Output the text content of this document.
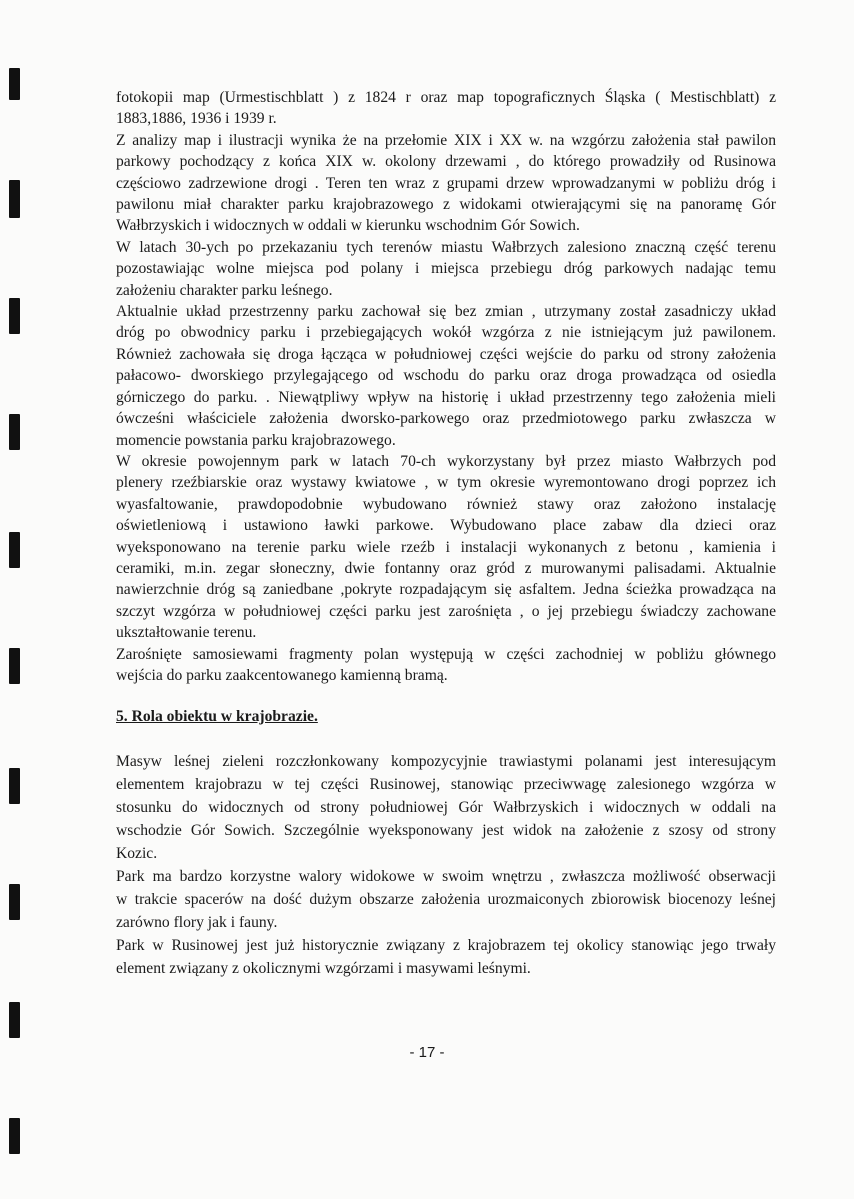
fotokopii map (Urmestischblatt ) z 1824 r oraz map topograficznych Śląska ( Mestischblatt) z
1883,1886, 1936 i 1939 r.
Z analizy map i ilustracji wynika że na przełomie XIX i XX w. na wzgórzu założenia stał pawilon
parkowy pochodzący z końca XIX w. okolony drzewami , do którego prowadziły od Rusinowa
częściowo zadrzewione drogi . Teren ten wraz z grupami drzew wprowadzanymi w pobliżu dróg i
pawilonu miał charakter parku krajobrazowego z widokami otwierającymi się na panoramę Gór
Wałbrzyskich i widocznych w oddali w kierunku wschodnim Gór Sowich.
W latach 30-ych po przekazaniu tych terenów miastu Wałbrzych zalesiono znaczną część terenu
pozostawiając wolne miejsca pod polany i miejsca przebiegu dróg parkowych nadając temu
założeniu charakter parku leśnego.
Aktualnie układ przestrzenny parku zachował się bez zmian , utrzymany został zasadniczy układ
dróg po obwodnicy parku i przebiegających wokół wzgórza z nie istniejącym już pawilonem.
Również zachowała się droga łącząca w południowej części wejście do parku od strony założenia
pałacowo- dworskiego przylegającego od wschodu do parku oraz droga prowadząca od osiedla
górniczego do parku. . Niewątpliwy wpływ na historię i układ przestrzenny tego założenia mieli
ówcześni właściciele założenia dworsko-parkowego oraz przedmiotowego parku zwłaszcza w
momencie powstania parku krajobrazowego.
W okresie powojennym park w latach 70-ch wykorzystany był przez miasto Wałbrzych pod
plenery rzeźbiarskie oraz wystawy kwiatowe , w tym okresie wyremontowano drogi poprzez ich
wyasfaltowanie, prawdopodobnie wybudowano również stawy oraz założono instalację
oświetleniową i ustawiono ławki parkowe. Wybudowano place zabaw dla dzieci oraz
wyeksponowano na terenie parku wiele rzeźb i instalacji wykonanych z betonu , kamienia i
ceramiki, m.in. zegar słoneczny, dwie fontanny oraz gród z murowanymi palisadami. Aktualnie
nawierzchnie dróg są zaniedbane ,pokryte rozpadającym się asfaltem. Jedna ścieżka prowadząca na
szczyt wzgórza w południowej części parku jest zarośnięta , o jej przebiegu świadczy zachowane
ukształtowanie terenu.
Zarośnięte samosiewami fragmenty polan występują w części zachodniej w pobliżu głównego
wejścia do parku zaakcentowanego kamienną bramą.
5. Rola obiektu w krajobrazie.
Masyw leśnej zieleni rozczłonkowany kompozycyjnie trawiastymi polanami jest interesującym
elementem krajobrazu w tej części Rusinowej, stanowiąc przeciwwagę zalesionego wzgórza w
stosunku do widocznych od strony południowej Gór Wałbrzyskich i widocznych w oddali na
wschodzie Gór Sowich. Szczególnie wyeksponowany jest widok na założenie z szosy od strony
Kozic.
Park ma bardzo korzystne walory widokowe w swoim wnętrzu , zwłaszcza możliwość obserwacji
w trakcie spacerów na dość dużym obszarze założenia urozmaiconych zbiorowisk biocenozy leśnej
zarówno flory jak i fauny.
Park w Rusinowej jest już historycznie związany z krajobrazem tej okolicy stanowiąc jego trwały
element związany z okolicznymi wzgórzami i masywami leśnymi.
- 17 -
